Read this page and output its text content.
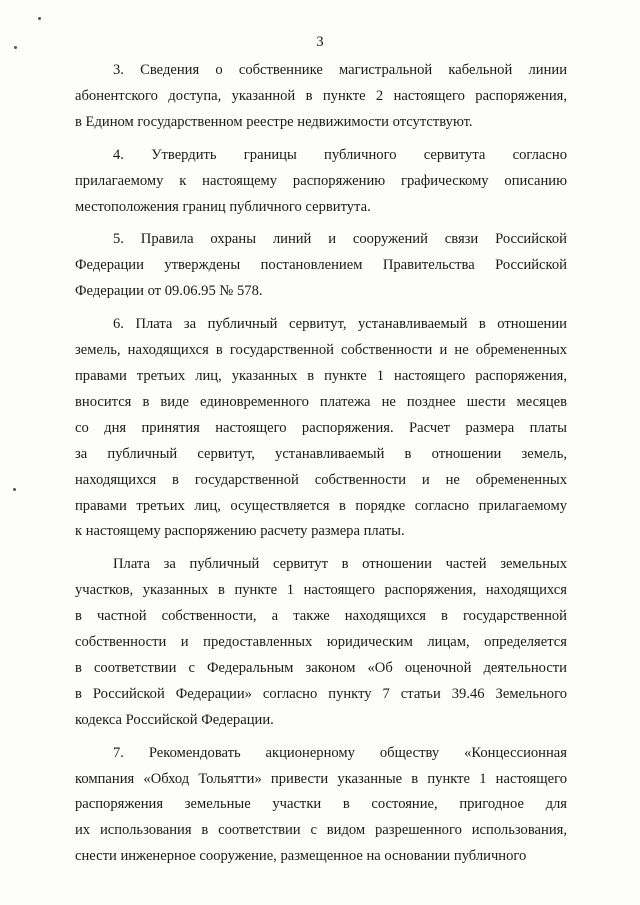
3
3. Сведения о собственнике магистральной кабельной линии
абонентского доступа, указанной в пункте 2 настоящего распоряжения,
в Едином государственном реестре недвижимости отсутствуют.
4. Утвердить границы публичного сервитута согласно
прилагаемому к настоящему распоряжению графическому описанию
местоположения границ публичного сервитута.
5. Правила охраны линий и сооружений связи Российской
Федерации утверждены постановлением Правительства Российской
Федерации от 09.06.95 № 578.
6. Плата за публичный сервитут, устанавливаемый в отношении
земель, находящихся в государственной собственности и не обремененных
правами третьих лиц, указанных в пункте 1 настоящего распоряжения,
вносится в виде единовременного платежа не позднее шести месяцев
со дня принятия настоящего распоряжения. Расчет размера платы
за публичный сервитут, устанавливаемый в отношении земель,
находящихся в государственной собственности и не обремененных
правами третьих лиц, осуществляется в порядке согласно прилагаемому
к настоящему распоряжению расчету размера платы.
Плата за публичный сервитут в отношении частей земельных
участков, указанных в пункте 1 настоящего распоряжения, находящихся
в частной собственности, а также находящихся в государственной
собственности и предоставленных юридическим лицам, определяется
в соответствии с Федеральным законом «Об оценочной деятельности
в Российской Федерации» согласно пункту 7 статьи 39.46 Земельного
кодекса Российской Федерации.
7. Рекомендовать акционерному обществу «Концессионная
компания «Обход Тольятти» привести указанные в пункте 1 настоящего
распоряжения земельные участки в состояние, пригодное для
их использования в соответствии с видом разрешенного использования,
снести инженерное сооружение, размещенное на основании публичного
